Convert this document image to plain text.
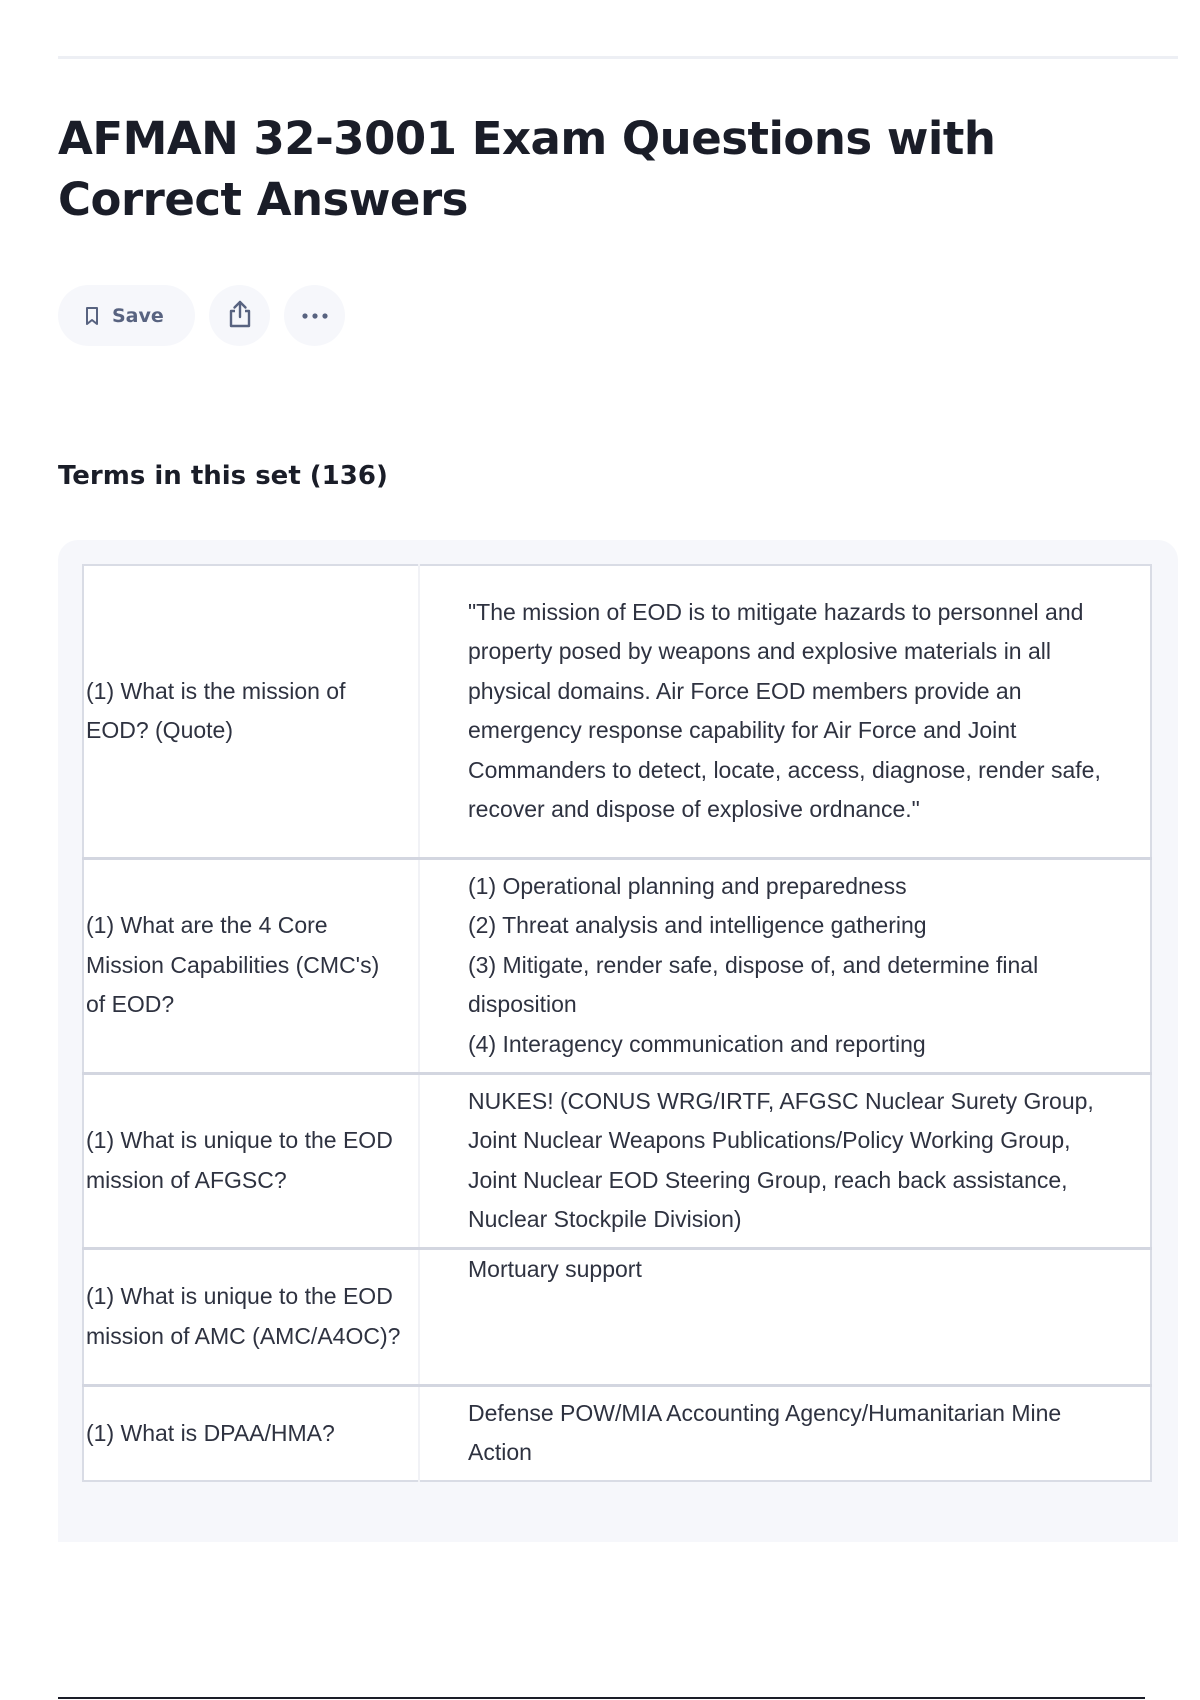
AFMAN 32-3001 Exam Questions with Correct Answers
Save
Terms in this set (136)
(1) What is the mission of EOD? (Quote)	"The mission of EOD is to mitigate hazards to personnel and property posed by weapons and explosive materials in all physical domains. Air Force EOD members provide an emergency response capability for Air Force and Joint Commanders to detect, locate, access, diagnose, render safe, recover and dispose of explosive ordnance."
(1) What are the 4 Core Mission Capabilities (CMC's) of EOD?	(1) Operational planning and preparedness
(2) Threat analysis and intelligence gathering
(3) Mitigate, render safe, dispose of, and determine final disposition
(4) Interagency communication and reporting

(1) What is unique to the EOD mission of AFGSC?	NUKES! (CONUS WRG/IRTF, AFGSC Nuclear Surety Group, Joint Nuclear Weapons Publications/Policy Working Group, Joint Nuclear EOD Steering Group, reach back assistance, Nuclear Stockpile Division)
(1) What is unique to the EOD mission of AMC (AMC/A4OC)?	Mortuary support
(1) What is DPAA/HMA?	Defense POW/MIA Accounting Agency/Humanitarian Mine Action
